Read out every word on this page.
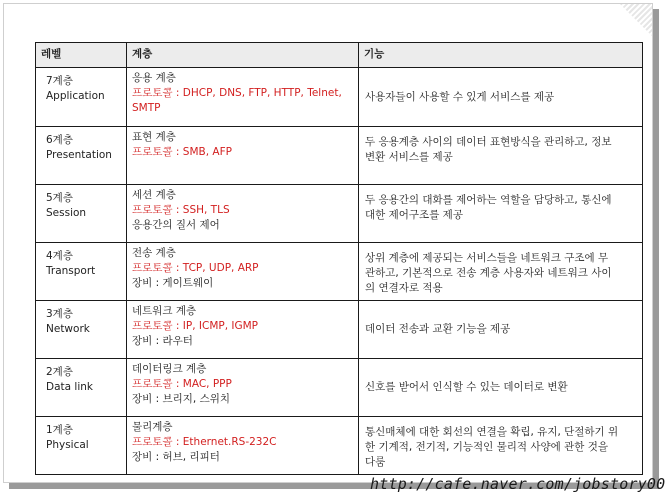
레벨	계층	기능

7계층
Application	응용 계층
프로토콜 : DHCP, DNS, FTP, HTTP, Telnet,
SMTP	사용자들이 사용할 수 있게 서비스를 제공

6계층
Presentation	표현 계층
프로토콜 : SMB, AFP	두 응용계층 사이의 데이터 표현방식을 관리하고, 정보
변환 서비스를 제공

5계층
Session	세션 계층
프로토콜 : SSH, TLS
응용간의 질서 제어	두 응용간의 대화를 제어하는 역할을 담당하고, 통신에
대한 제어구조를 제공

4계층
Transport	전송 계층
프로토콜 : TCP, UDP, ARP
장비 : 게이트웨이	상위 계층에 제공되는 서비스들을 네트워크 구조에 무
관하고, 기본적으로 전송 계층 사용자와 네트워크 사이
의 연결자로 적용

3계층
Network	네트워크 계층
프로토콜 : IP, ICMP, IGMP
장비 : 라우터	데이터 전송과 교환 기능을 제공

2계층
Data link	데이터링크 계층
프로토콜 : MAC, PPP
장비 : 브리지, 스위치	신호를 받어서 인식할 수 있는 데이터로 변환

1계층
Physical	물리계층
프로토콜 : Ethernet.RS-232C
장비 : 허브, 리피터	통신매체에 대한 회선의 연결을 확립, 유지, 단절하기 위
한 기계적, 전기적, 기능적인 물리적 사양에 관한 것을
다룸
http://cafe.naver.com/jobstory00
